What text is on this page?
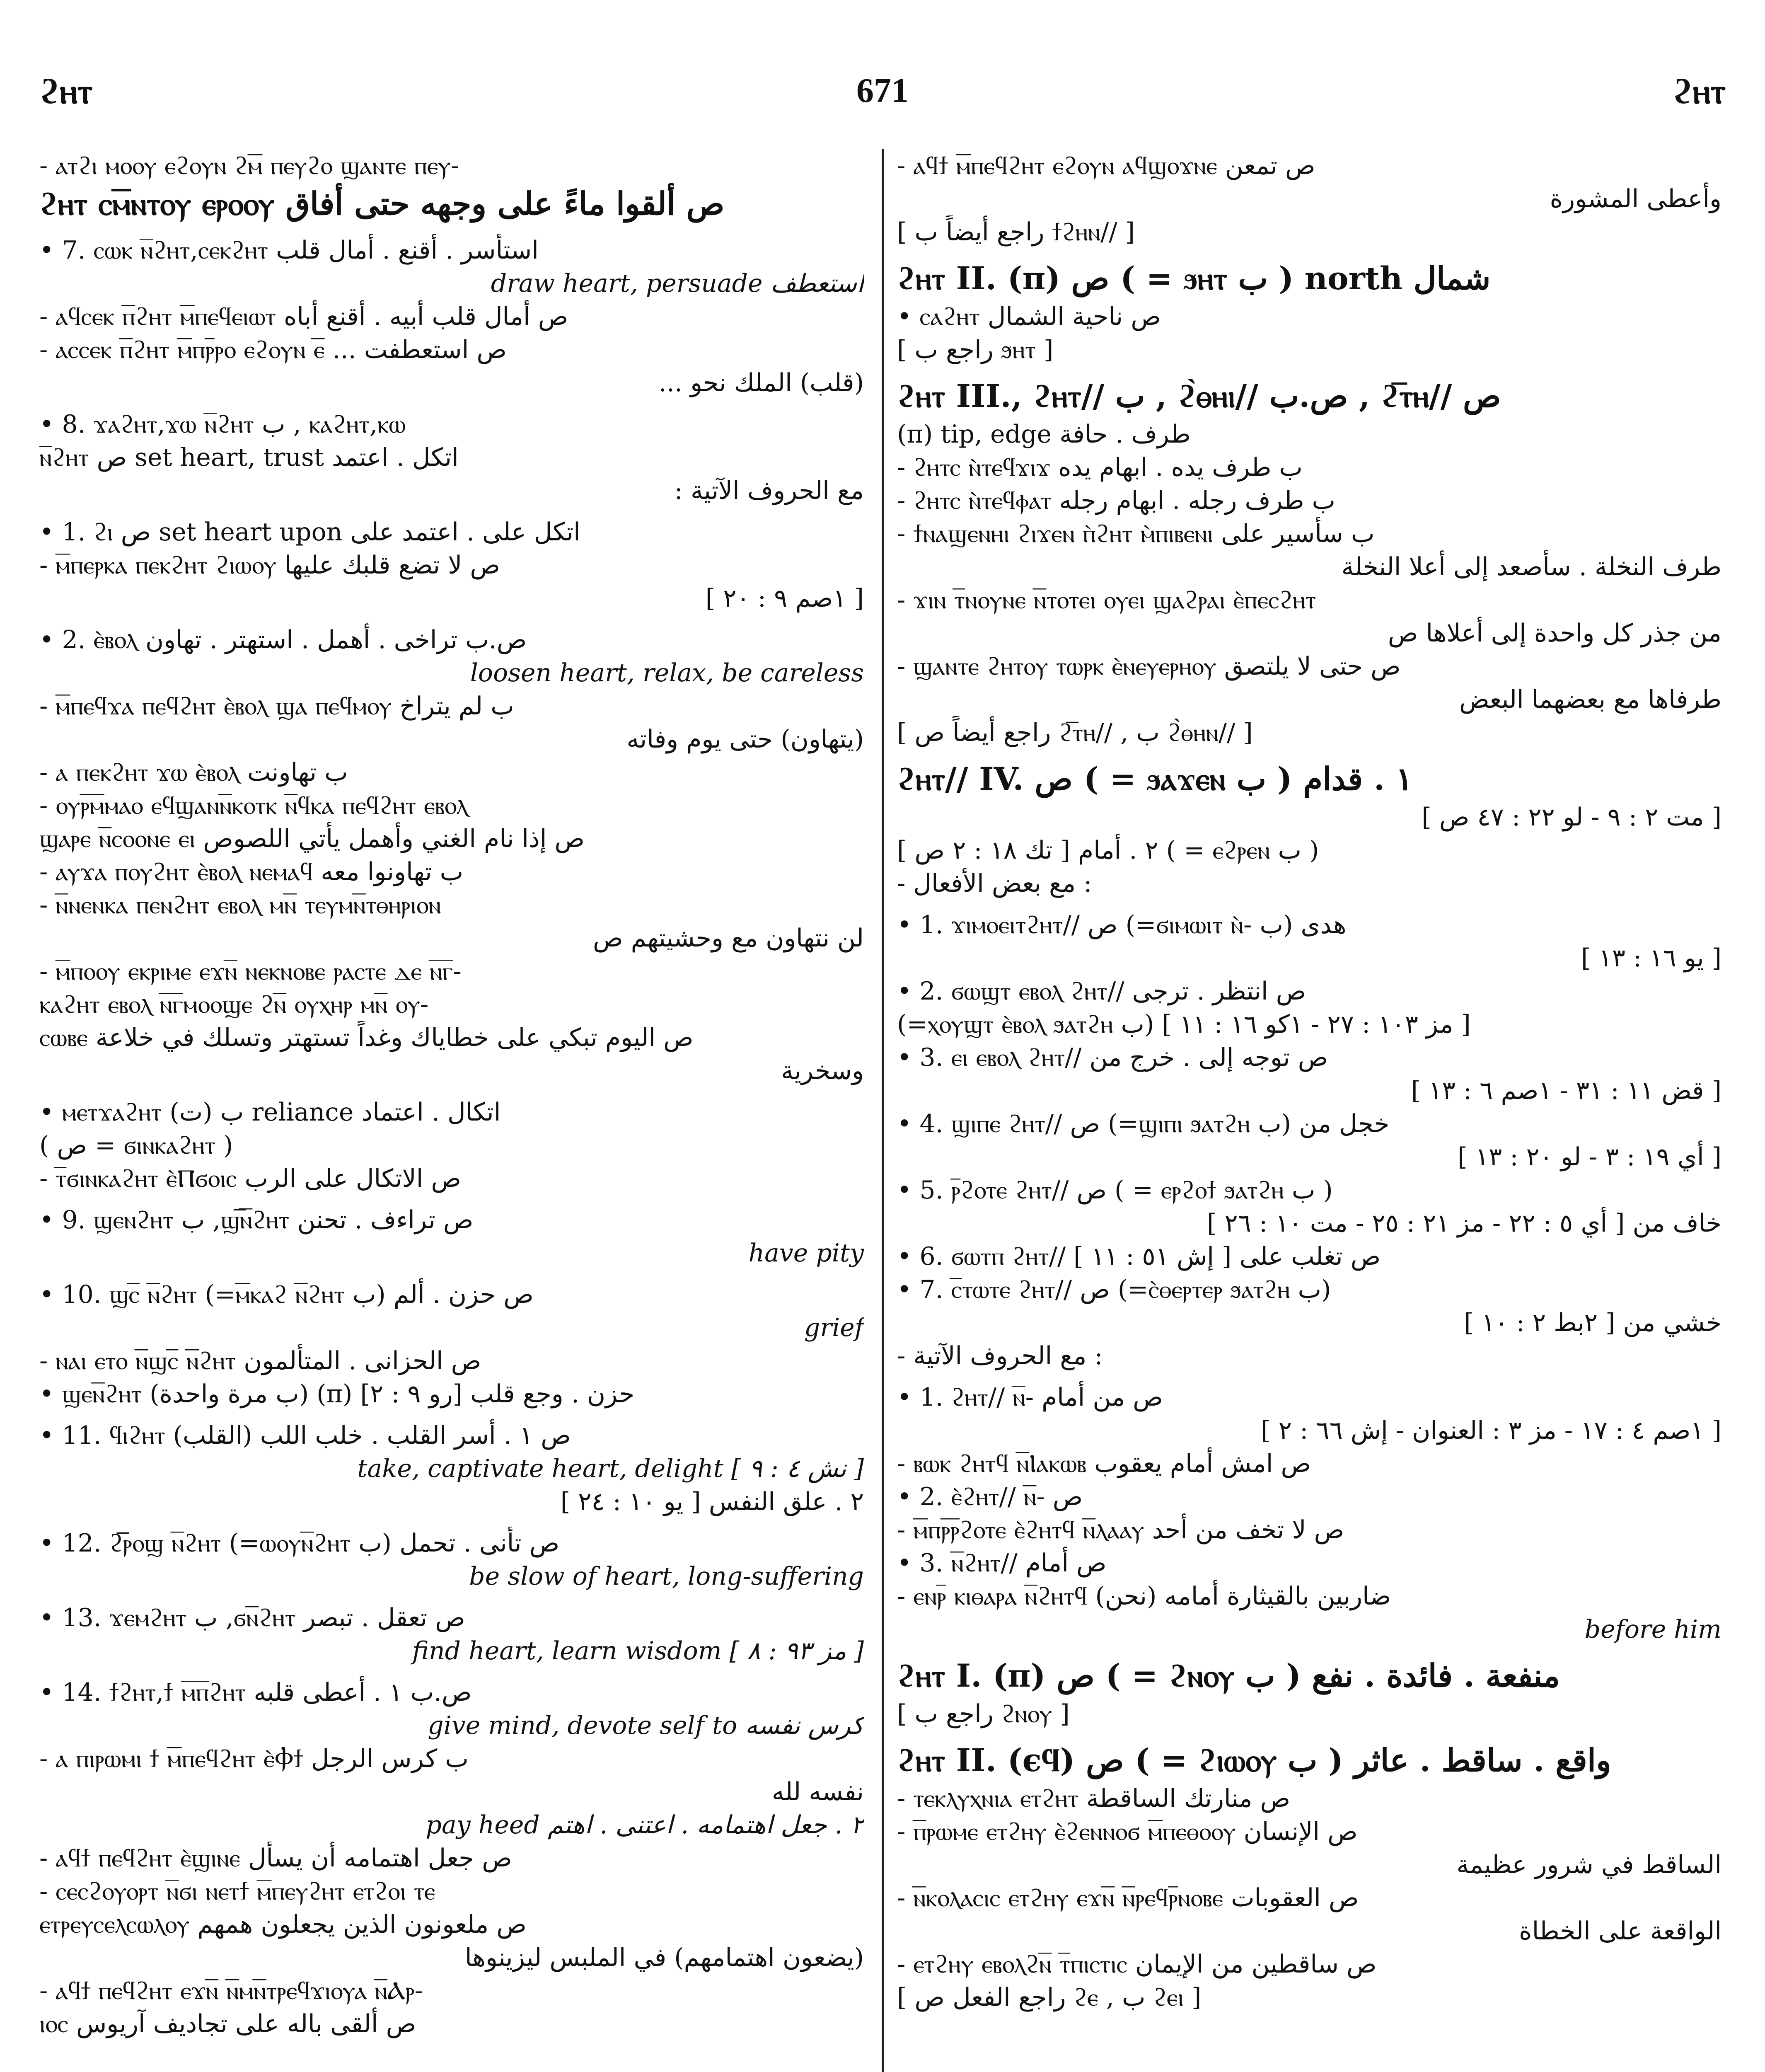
ϩⲏⲧ	671	ϩⲏⲧ
- ⲁⲧϩⲓ ⲙⲟⲟⲩ ⲉϩⲟⲩⲛ ϩⲙ̅ ⲡⲉⲩϩⲟ ϣⲁⲛⲧⲉ ⲡⲉⲩ-
ϩⲏⲧ ⲥⲙ̅ⲛⲧⲟⲩ ⲉⲣⲟⲟⲩ ص ألقوا ماءً على وجهه حتى أفاق
• 7. ⲥⲱⲕ ⲛ̅ϩⲏⲧ,ⲥⲉⲕϩⲏⲧ استأسر . أقنع . أمال قلب
draw heart, persuade استعطف
- ⲁϥⲥⲉⲕ ⲡ̅ϩⲏⲧ ⲙ̅ⲡⲉϥⲉⲓⲱⲧ ص أمال قلب أبيه . أقنع أباه
- ⲁⲥⲥⲉⲕ ⲡ̅ϩⲏⲧ ⲙ̅ⲡⲣ̅ⲣⲟ ⲉϩⲟⲩⲛ ⲉ̅ ... ص استعطفت
(قلب) الملك نحو ...
• 8. ϫⲁϩⲏⲧ,ϫⲱ ⲛ̅ϩⲏⲧ ب , ⲕⲁϩⲏⲧ,ⲕⲱ
ⲛ̅ϩⲏⲧ ص set heart, trust اتكل . اعتمد
مع الحروف الآتية :
• 1. ϩⲓ ص set heart upon اتكل على . اعتمد على
- ⲙ̅ⲡⲉⲣⲕⲁ ⲡⲉⲕϩⲏⲧ ϩⲓⲱⲟⲩ ص لا تضع قلبك عليها
[ ١صم ٩ : ٢٠ ]
• 2. ⲉ̀ⲃⲟⲗ ص.ب تراخى . أهمل . استهتر . تهاون
loosen heart, relax, be careless
- ⲙ̅ⲡⲉϥϫⲁ ⲡⲉϥϩⲏⲧ ⲉ̀ⲃⲟⲗ ϣⲁ ⲡⲉϥⲙⲟⲩ ب لم يتراخ
(يتهاون) حتى يوم وفاته
- ⲁ ⲡⲉⲕϩⲏⲧ ϫⲱ ⲉ̀ⲃⲟⲗ ب تهاونت
- ⲟⲩⲣ̅ⲙ̅ⲙⲁⲟ ⲉϥϣⲁⲛⲛ̅ⲕⲟⲧⲕ ⲛ̅ϥⲕⲁ ⲡⲉϥϩⲏⲧ ⲉⲃⲟⲗ
ϣⲁⲣⲉ ⲛ̅ⲥⲟⲟⲛⲉ ⲉⲓ ص إذا نام الغني وأهمل يأتي اللصوص
- ⲁⲩϫⲁ ⲡⲟⲩϩⲏⲧ ⲉ̀ⲃⲟⲗ ⲛⲉⲙⲁϥ ب تهاونوا معه
- ⲛ̅ⲛⲉⲛⲕⲁ ⲡⲉⲛϩⲏⲧ ⲉⲃⲟⲗ ⲙⲛ̅ ⲧⲉⲩⲙⲛ̅ⲧⲑⲏⲣⲓⲟⲛ
لن نتهاون مع وحشيتهم ص
- ⲙ̅ⲡⲟⲟⲩ ⲉⲕⲣⲓⲙⲉ ⲉϫⲛ̅ ⲛⲉⲕⲛⲟⲃⲉ ⲣⲁⲥⲧⲉ ⲇⲉ ⲛ̅ⲅ̅-
ⲕⲁϩⲏⲧ ⲉⲃⲟⲗ ⲛ̅ⲅ̅ⲙⲟⲟϣⲉ ϩⲛ̅ ⲟⲩⲭⲏⲣ ⲙⲛ̅ ⲟⲩ-
ⲥⲱⲃⲉ ص اليوم تبكي على خطاياك وغداً تستهتر وتسلك في خلاعة
وسخرية
• ⲙⲉⲧϫⲁϩⲏⲧ ب (ت) reliance اتكال . اعتماد
( ص = ϭⲓⲛⲕⲁϩⲏⲧ )
- ⲧ̅ϭⲓⲛⲕⲁϩⲏⲧ ⲉ̀Ⲡϭⲟⲓⲥ ص الاتكال على الرب
• 9. ϣⲉⲛϩⲏⲧ ب ,ϣ̅ⲛ̅ϩⲏⲧ ص تراءف . تحنن
have pity
• 10. ϣⲥ̅ ⲛ̅ϩⲏⲧ (=ⲙ̅ⲕⲁϩ ⲛ̅ϩⲏⲧ ب) ص حزن . ألم
grief
- ⲛⲁⲓ ⲉⲧⲟ ⲛ̅ϣⲥ̅ ⲛ̅ϩⲏⲧ ص الحزانى . المتألمون
• ϣⲉⲛ̅ϩⲏⲧ (ب مرة واحدة) (π) حزن . وجع قلب [رو ٩ : ٢]
• 11. ϥⲓϩⲏⲧ ص ١ . أسر القلب . خلب اللب (القلب)
take, captivate heart, delight [ نش ٤ : ٩ ]
٢ . علق النفس [ يو ١٠ : ٢٤ ]
• 12. ϩ̅ⲣⲟϣ ⲛ̅ϩⲏⲧ (=ⲱⲟⲩⲛ̅ϩⲏⲧ ب) ص تأنى . تحمل
be slow of heart, long-suffering
• 13. ϫⲉⲙϩⲏⲧ ب ,ϭⲛ̅ϩⲏⲧ ص تعقل . تبصر
find heart, learn wisdom [ مز ٩٣ : ٨ ]
• 14. ϯϩⲏⲧ,ϯ ⲙ̅ⲡ̅ϩⲏⲧ ص.ب ١ . أعطى قلبه
give mind, devote self to كرس نفسه
- ⲁ ⲡⲓⲣⲱⲙⲓ ϯ ⲙ̅ⲡⲉϥϩⲏⲧ ⲉ̀Ⲫϯ ب كرس الرجل
نفسه لله
pay heed ٢ . جعل اهتمامه . اعتنى . اهتم
- ⲁϥϯ ⲡⲉϥϩⲏⲧ ⲉ̀ϣⲓⲛⲉ ص جعل اهتمامه أن يسأل
- ⲥⲉⲥϩⲟⲩⲟⲣⲧ ⲛ̅ϭⲓ ⲛⲉⲧϯ ⲙ̅ⲡⲉⲩϩⲏⲧ ⲉⲧϩⲟⲓ ⲧⲉ
ⲉⲧⲣⲉⲩⲥⲉⲗⲥⲱⲗⲟⲩ ص ملعونون الذين يجعلون همهم
(يضعون اهتمامهم) في الملبس ليزينوها
- ⲁϥϯ ⲡⲉϥϩⲏⲧ ⲉϫⲛ̅ ⲛ̅ⲙⲛ̅ⲧⲣⲉϥϫⲓⲟⲩⲁ ⲛ̅Ⲁⲣ-
ⲓⲟⲥ ص ألقى باله على تجاديف آريوس
- ⲁϥϯ ⲙ̅ⲡⲉϥϩⲏⲧ ⲉϩⲟⲩⲛ ⲁϥϣⲟϫⲛⲉ ص تمعن
وأعطى المشورة
[ راجع أيضاً ب ϯϩⲏⲛ// ]
ϩⲏⲧ II. (π) ص ( = ϧⲏⲧ ب ) north شمال
• ⲥⲁϩⲏⲧ ص ناحية الشمال
[ راجع ب ϧⲏⲧ ]
ϩⲏⲧ III., ϩⲏⲧ// ب , ϩ̀ⲑⲏⲓ// ص.ب , ϩ̅ⲧⲏ// ص
(π) tip, edge طرف . حافة
- ϩⲏⲧⲥ ⲛ̀ⲧⲉϥϫⲓϫ ب طرف يده . ابهام يده
- ϩⲏⲧⲥ ⲛ̀ⲧⲉϥⲫⲁⲧ ب طرف رجله . ابهام رجله
- ϯⲛⲁϣⲉⲛⲏⲓ ϩⲓϫⲉⲛ ⲡ̀ϩⲏⲧ ⲙ̀ⲡⲓⲃⲉⲛⲓ ب سأسير على
طرف النخلة . سأصعد إلى أعلا النخلة
- ϫⲓⲛ ⲧ̅ⲛⲟⲩⲛⲉ ⲛ̅ⲧⲟⲧⲉⲓ ⲟⲩⲉⲓ ϣⲁϩⲣⲁⲓ ⲉ̀ⲡⲉⲥϩⲏⲧ
من جذر كل واحدة إلى أعلاها ص
- ϣⲁⲛⲧⲉ ϩⲏⲧⲟⲩ ⲧⲱⲣⲕ ⲉ̀ⲛⲉⲩⲉⲣⲏⲟⲩ ص حتى لا يلتصق
طرفاها مع بعضهما البعض
[ راجع أيضاً ص ϩ̅ⲧⲏ// , ب ϩ̀ⲑⲏⲛ// ]
ϩⲏⲧ// IV. ص ( = ϧⲁϫⲉⲛ ب ) ١ . قدام
[ مت ٢ : ٩ - لو ٢٢ : ٤٧ ص ]
٢ . أمام [ تك ١٨ : ٢ ص ] ( = ⲉϩⲣⲉⲛ ب )
- مع بعض الأفعال :
• 1. ϫⲓⲙⲟⲉⲓⲧϩⲏⲧ// ص (=ϭⲓⲙⲱⲓⲧ ⲛ̀- ب) هدى
[ يو ١٦ : ١٣ ]
• 2. ϭⲱϣⲧ ⲉⲃⲟⲗ ϩⲏⲧ// ص انتظر . ترجى
(=ⲭⲟⲩϣⲧ ⲉ̀ⲃⲟⲗ ϧⲁⲧϩⲏ ب) [ مز ١٠٣ : ٢٧ - ١كو ١٦ : ١١ ]
• 3. ⲉⲓ ⲉⲃⲟⲗ ϩⲏⲧ// ص توجه إلى . خرج من
[ قض ١١ : ٣١ - ١صم ٦ : ١٣ ]
• 4. ϣⲓⲡⲉ ϩⲏⲧ// ص (=ϣⲓⲡⲓ ϧⲁⲧϩⲏ ب) خجل من
[ أي ١٩ : ٣ - لو ٢٠ : ١٣ ]
• 5. ⲣ̅ϩⲟⲧⲉ ϩⲏⲧ// ص ( = ⲉⲣϩⲟϯ ϧⲁⲧϩⲏ ب )
خاف من [ أي ٥ : ٢٢ - مز ٢١ : ٢٥ - مت ١٠ : ٢٦ ]
• 6. ϭⲱⲧⲡ ϩⲏⲧ// ص تغلب على [ إش ٥١ : ١١ ]
• 7. ⲥ̅ⲧⲱⲧⲉ ϩⲏⲧ// ص (=ⲥ̀ⲑⲉⲣⲧⲉⲣ ϧⲁⲧϩⲏ ب)
خشي من [ ٢بط ٢ : ١٠ ]
- مع الحروف الآتية :
• 1. ϩⲏⲧ// ⲛ̅- ص من أمام
[ ١صم ٤ : ١٧ - مز ٣ : العنوان - إش ٦٦ : ٢ ]
- ⲃⲱⲕ ϩⲏⲧϥ ⲛ̅Ⲓⲁⲕⲱⲃ ص امش أمام يعقوب
• 2. ⲉ̀ϩⲏⲧ// ⲛ̅- ص
- ⲙ̅ⲡⲣ̅ⲣ̅ϩⲟⲧⲉ ⲉ̀ϩⲏⲧϥ ⲛ̅ⲗⲁⲁⲩ ص لا تخف من أحد
• 3. ⲛ̅ϩⲏⲧ// ص أمام
- ⲉⲛⲣ̅ ⲕⲓⲑⲁⲣⲁ ⲛ̅ϩⲏⲧϥ (نحن) ضاربين بالقيثارة أمامه
before him
ϩⲏⲧ I. (π) ص ( = ϩⲛⲟⲩ ب ) منفعة . فائدة . نفع
[ راجع ب ϩⲛⲟⲩ ]
ϩⲏⲧ II. (ϵϥ) ص ( = ϩⲓⲱⲟⲩ ب ) واقع . ساقط . عاثر
- ⲧⲉⲕⲗⲩⲭⲛⲓⲁ ⲉⲧϩⲏⲧ ص منارتك الساقطة
- ⲡ̅ⲣⲱⲙⲉ ⲉⲧϩⲏⲩ ⲉ̀ϩⲉⲛⲛⲟϭ ⲙ̅ⲡⲉⲑⲟⲟⲩ ص الإنسان
الساقط في شرور عظيمة
- ⲛ̅ⲕⲟⲗⲁⲥⲓⲥ ⲉⲧϩⲏⲩ ⲉϫⲛ̅ ⲛ̅ⲣⲉϥⲣ̅ⲛⲟⲃⲉ ص العقوبات
الواقعة على الخطاة
- ⲉⲧϩⲏⲩ ⲉⲃⲟⲗϩⲛ̅ ⲧ̅ⲡⲓⲥⲧⲓⲥ ص ساقطين من الإيمان
[ راجع الفعل ص ϩⲉ , ب ϩⲉⲓ ]
